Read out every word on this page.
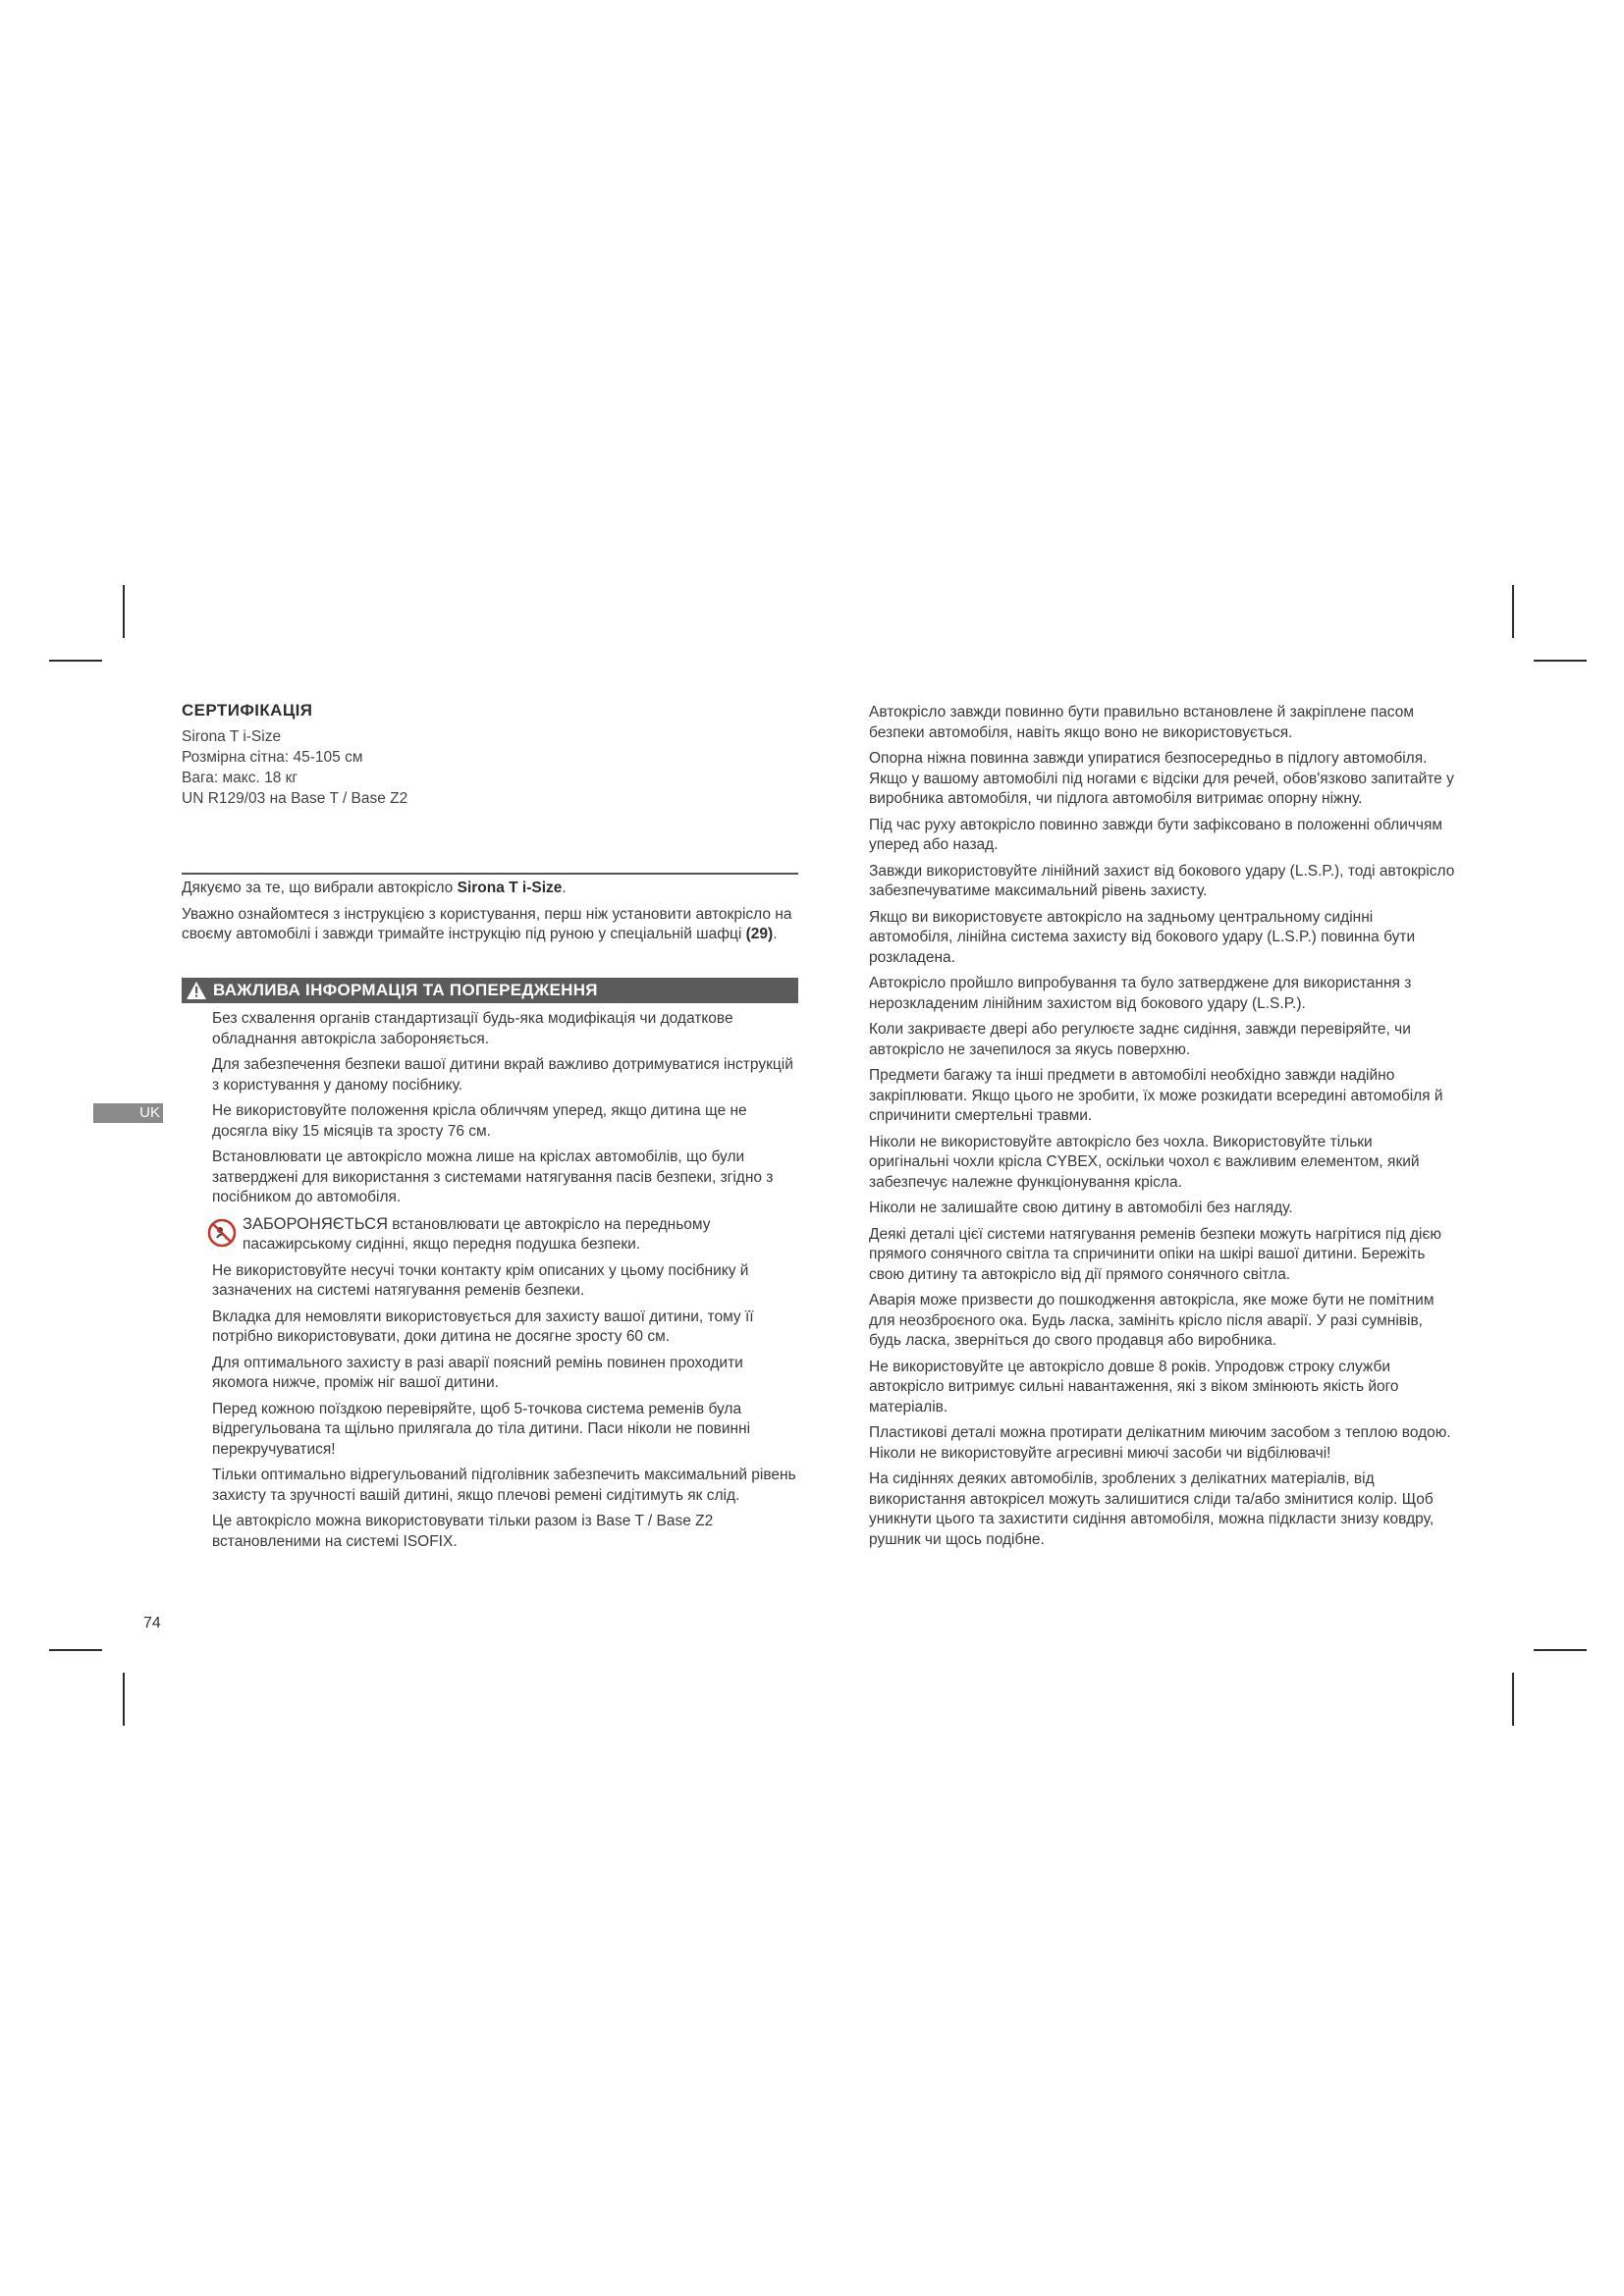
СЕРТИФІКАЦІЯ
Sirona T i-Size
Розмірна сітна: 45-105 см
Вага: макс. 18 кг
UN R129/03 на Base T / Base Z2

Дякуємо за те, що вибрали автокрісло Sirona T i-Size.

Уважно ознайомтеся з інструкцією з користування, перш ніж установити автокрісло на своєму автомобілі і завжди тримайте інструкцію під руною у спеціальній шафці (29).

ВАЖЛИВА ІНФОРМАЦІЯ ТА ПОПЕРЕДЖЕННЯ
Без схвалення органів стандартизації будь-яка модифікація чи додаткове обладнання автокрісла забороняється.
Для забезпечення безпеки вашої дитини вкрай важливо дотримуватися інструкцій з користування у даному посібнику.
Не використовуйте положення крісла обличчям уперед, якщо дитина ще не досягла віку 15 місяців та зросту 76 см.
Встановлювати це автокрісло можна лише на кріслах автомобілів, що були затверджені для використання з системами натягування пасів безпеки, згідно з посібником до автомобіля.
ЗАБОРОНЯЄТЬСЯ встановлювати це автокрісло на передньому пасажирському сидінні, якщо передня подушка безпеки.
Не використовуйте несучі точки контакту крім описаних у цьому посібнику й зазначених на системі натягування ременів безпеки.
Вкладка для немовляти використовується для захисту вашої дитини, тому її потрібно використовувати, доки дитина не досягне зросту 60 см.
Для оптимального захисту в разі аварії поясний ремінь повинен проходити якомога нижче, проміж ніг вашої дитини.
Перед кожною поїздкою перевіряйте, щоб 5-точкова система ременів була відрегульована та щільно прилягала до тіла дитини. Паси ніколи не повинні перекручуватися!
Тільки оптимально відрегульований підголівник забезпечить максимальний рівень захисту та зручності вашій дитині, якщо плечові ремені сидітимуть як слід.
Це автокрісло можна використовувати тільки разом із Base T / Base Z2 встановленими на системі ISOFIX.

Автокрісло завжди повинно бути правильно встановлене й закріплене пасом безпеки автомобіля, навіть якщо воно не використовується.

Опорна ніжна повинна завжди упиратися безпосередньо в підлогу автомобіля. Якщо у вашому автомобілі під ногами є відсіки для речей, обов'язково запитайте у виробника автомобіля, чи підлога автомобіля витримає опорну ніжну.

Під час руху автокрісло повинно завжди бути зафіксовано в положенні обличчям уперед або назад.

Завжди використовуйте лінійний захист від бокового удару (L.S.P.), тоді автокрісло забезпечуватиме максимальний рівень захисту.

Якщо ви використовуєте автокрісло на задньому центральному сидінні автомобіля, лінійна система захисту від бокового удару (L.S.P.) повинна бути розкладена.

Автокрісло пройшло випробування та було затверджене для використання з нерозкладеним лінійним захистом від бокового удару (L.S.P.).

Коли закриваєте двері або регулюєте заднє сидіння, завжди перевіряйте, чи автокрісло не зачепилося за якусь поверхню.

Предмети багажу та інші предмети в автомобілі необхідно завжди надійно закріплювати. Якщо цього не зробити, їх може розкидати всередині автомобіля й спричинити смертельні травми.

Ніколи не використовуйте автокрісло без чохла. Використовуйте тільки оригінальні чохли крісла CYBEX, оскільки чохол є важливим елементом, який забезпечує належне функціонування крісла.

Ніколи не залишайте свою дитину в автомобілі без нагляду.

Деякі деталі цієї системи натягування ременів безпеки можуть нагрітися під дією прямого сонячного світла та спричинити опіки на шкірі вашої дитини. Бережіть свою дитину та автокрісло від дії прямого сонячного світла.

Аварія може призвести до пошкодження автокрісла, яке може бути не помітним для неозброєного ока. Будь ласка, замініть крісло після аварії. У разі сумнівів, будь ласка, зверніться до свого продавця або виробника.

Не використовуйте це автокрісло довше 8 років. Упродовж строку служби автокрісло витримує сильні навантаження, які з віком змінюють якість його матеріалів.

Пластикові деталі можна протирати делікатним миючим засобом з теплою водою. Ніколи не використовуйте агресивні миючі засоби чи відбілювачі!

На сидіннях деяких автомобілів, зроблених з делікатних матеріалів, від використання автокрісел можуть залишитися сліди та/або змінитися колір. Щоб уникнути цього та захистити сидіння автомобіля, можна підкласти знизу ковдру, рушник чи щось подібне.

UK
74
